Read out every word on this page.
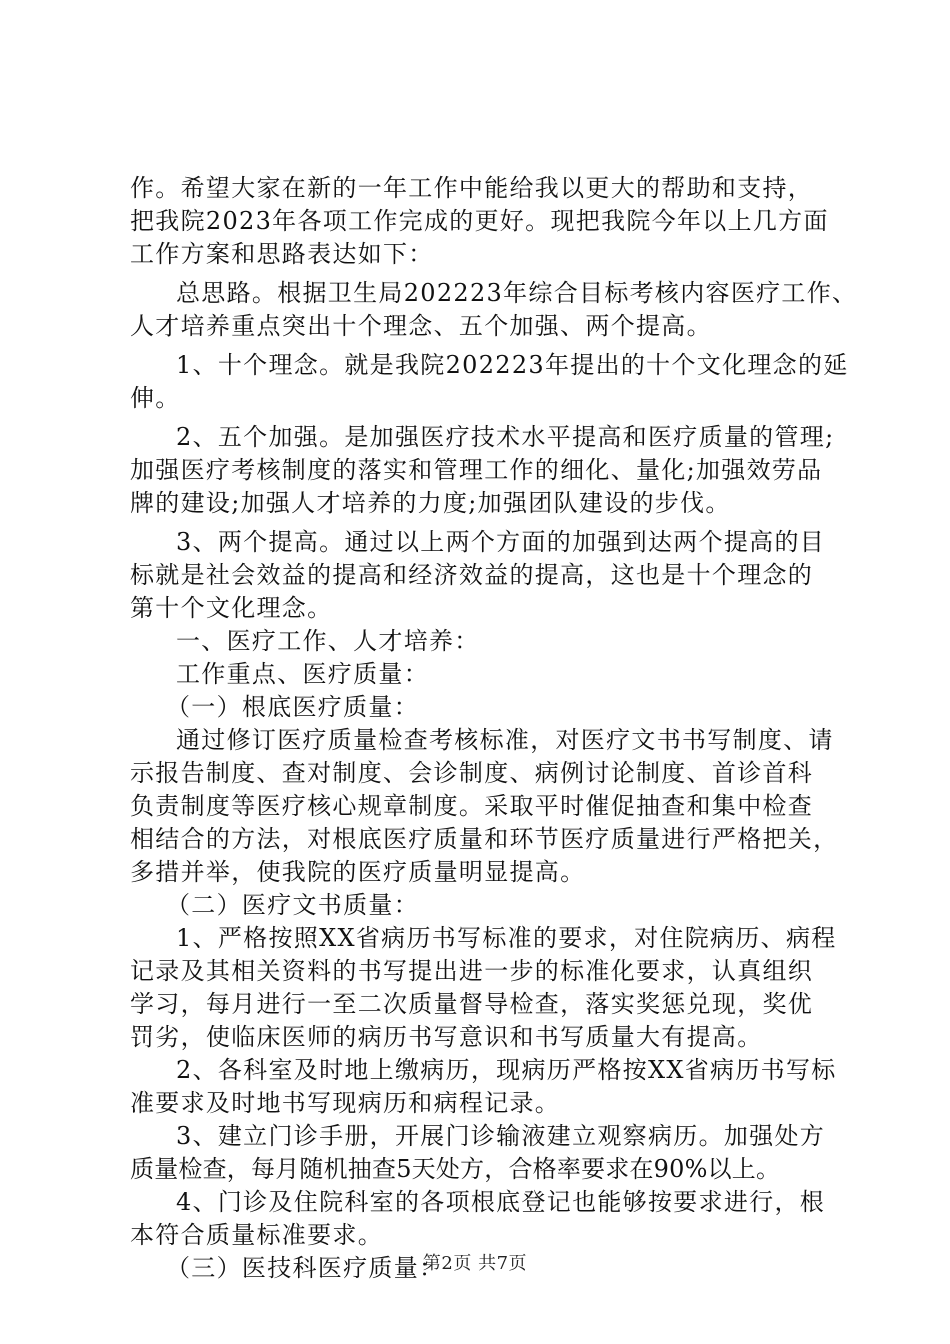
作。希望大家在新的一年工作中能给我以更大的帮助和支持，
把我院2023年各项工作完成的更好。现把我院今年以上几方面
工作方案和思路表达如下：
总思路。根据卫生局202223年综合目标考核内容医疗工作、
人才培养重点突出十个理念、五个加强、两个提高。
1、十个理念。就是我院202223年提出的十个文化理念的延
伸。
2、五个加强。是加强医疗技术水平提高和医疗质量的管理;
加强医疗考核制度的落实和管理工作的细化、量化;加强效劳品
牌的建设;加强人才培养的力度;加强团队建设的步伐。
3、两个提高。通过以上两个方面的加强到达两个提高的目
标就是社会效益的提高和经济效益的提高，这也是十个理念的
第十个文化理念。
一、医疗工作、人才培养：
工作重点、医疗质量：
（一）根底医疗质量：
通过修订医疗质量检查考核标准，对医疗文书书写制度、请
示报告制度、查对制度、会诊制度、病例讨论制度、首诊首科
负责制度等医疗核心规章制度。采取平时催促抽查和集中检查
相结合的方法，对根底医疗质量和环节医疗质量进行严格把关，
多措并举，使我院的医疗质量明显提高。
（二）医疗文书质量：
1、严格按照XX省病历书写标准的要求，对住院病历、病程
记录及其相关资料的书写提出进一步的标准化要求，认真组织
学习，每月进行一至二次质量督导检查，落实奖惩兑现，奖优
罚劣，使临床医师的病历书写意识和书写质量大有提高。
2、各科室及时地上缴病历，现病历严格按XX省病历书写标
准要求及时地书写现病历和病程记录。
3、建立门诊手册，开展门诊输液建立观察病历。加强处方
质量检查，每月随机抽查5天处方，合格率要求在90%以上。
4、门诊及住院科室的各项根底登记也能够按要求进行，根
本符合质量标准要求。
（三）医技科医疗质量：
第2页 共7页
